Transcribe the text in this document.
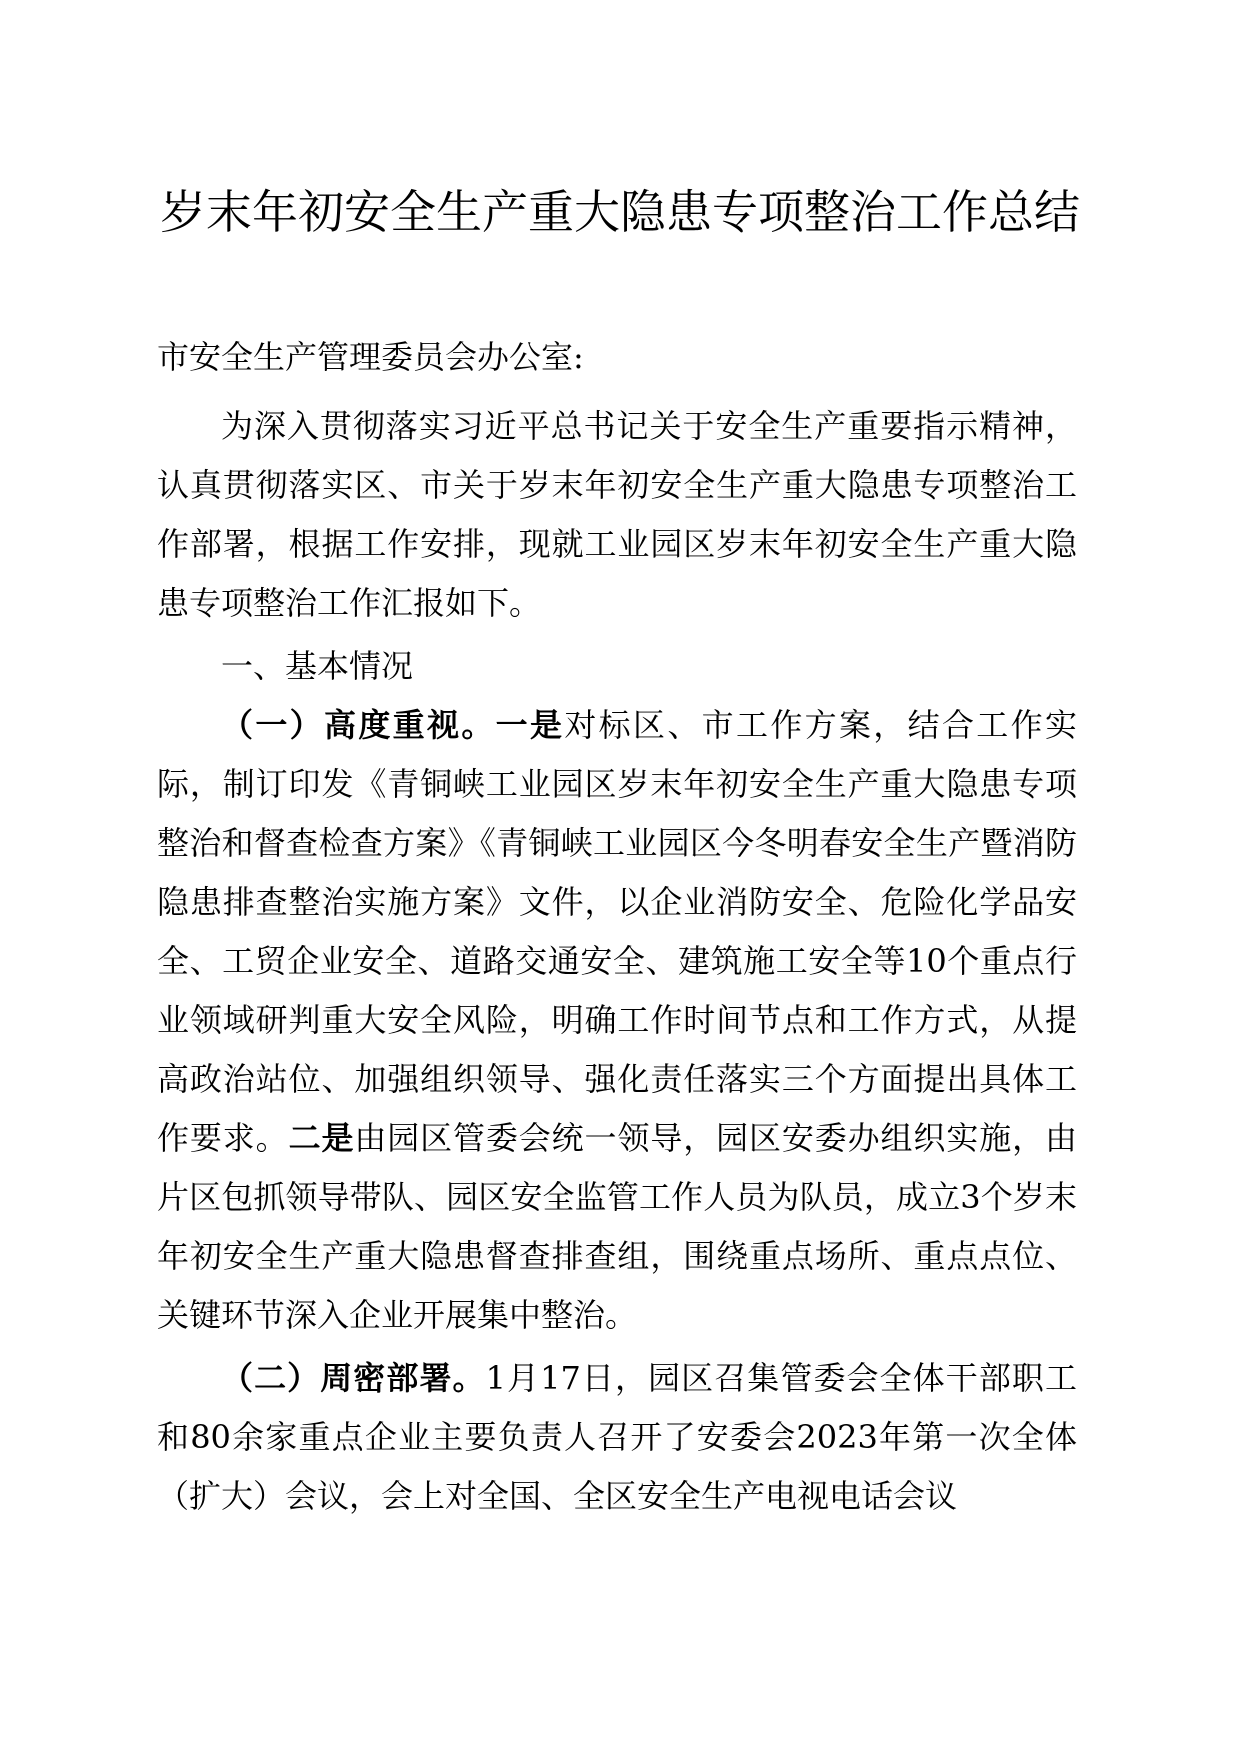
岁末年初安全生产重大隐患专项整治工作总结

市安全生产管理委员会办公室:

为深入贯彻落实习近平总书记关于安全生产重要指示精神，认真贯彻落实区、市关于岁末年初安全生产重大隐患专项整治工作部署，根据工作安排，现就工业园区岁末年初安全生产重大隐患专项整治工作汇报如下。

一、基本情况

（一）高度重视。一是对标区、市工作方案，结合工作实际，制订印发《青铜峡工业园区岁末年初安全生产重大隐患专项整治和督查检查方案》《青铜峡工业园区今冬明春安全生产暨消防隐患排查整治实施方案》文件，以企业消防安全、危险化学品安全、工贸企业安全、道路交通安全、建筑施工安全等10个重点行业领域研判重大安全风险，明确工作时间节点和工作方式，从提高政治站位、加强组织领导、强化责任落实三个方面提出具体工作要求。二是由园区管委会统一领导，园区安委办组织实施，由片区包抓领导带队、园区安全监管工作人员为队员，成立3个岁末年初安全生产重大隐患督查排查组，围绕重点场所、重点点位、关键环节深入企业开展集中整治。

（二）周密部署。1月17日，园区召集管委会全体干部职工和80余家重点企业主要负责人召开了安委会2023年第一次全体（扩大）会议，会上对全国、全区安全生产电视电话会议
